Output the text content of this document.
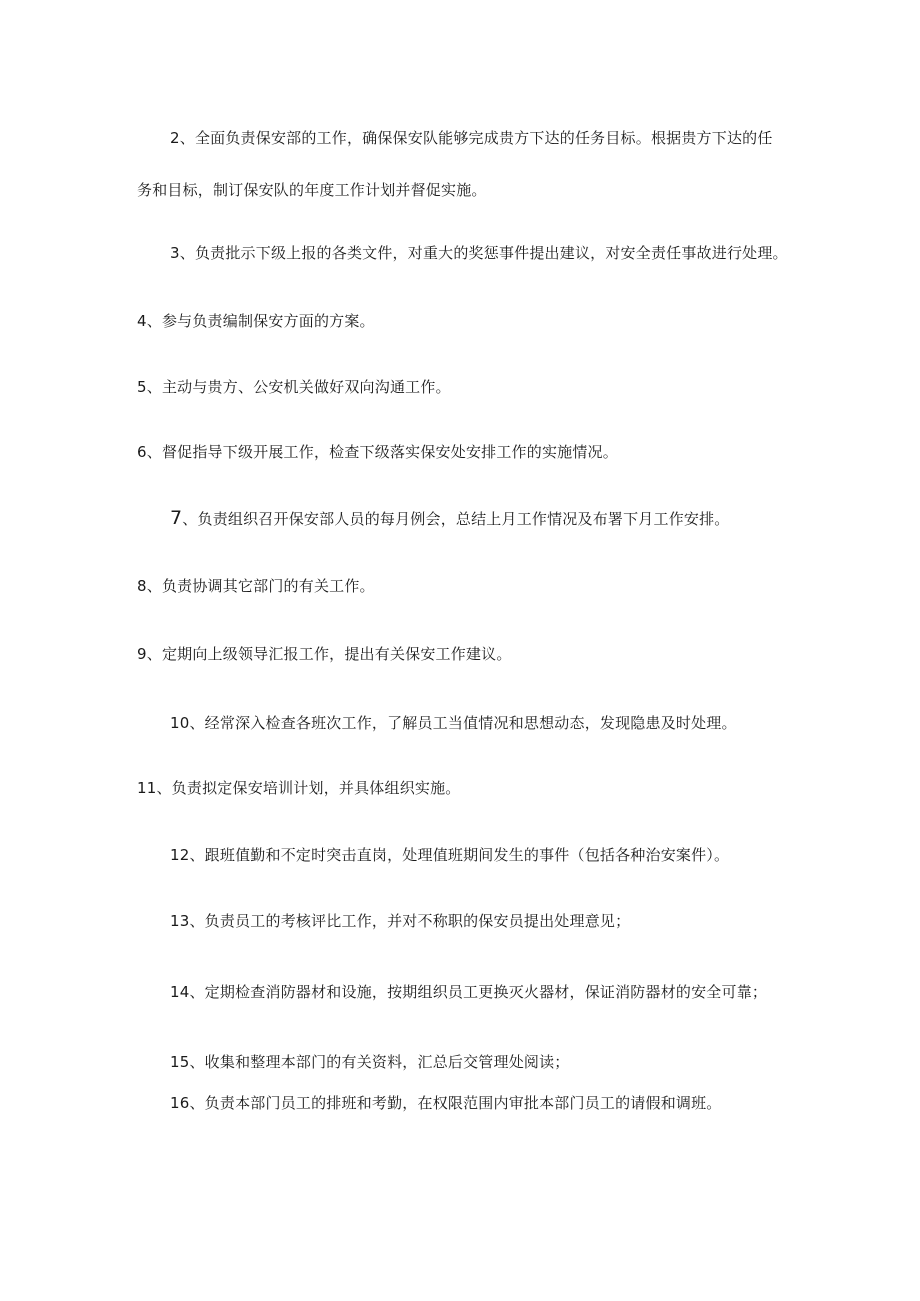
2、全面负责保安部的工作，确保保安队能够完成贵方下达的任务目标。根据贵方下达的任
务和目标，制订保安队的年度工作计划并督促实施。
3、负责批示下级上报的各类文件，对重大的奖惩事件提出建议，对安全责任事故进行处理。
4、参与负责编制保安方面的方案。
5、主动与贵方、公安机关做好双向沟通工作。
6、督促指导下级开展工作，检查下级落实保安处安排工作的实施情况。
7、负责组织召开保安部人员的每月例会，总结上月工作情况及布署下月工作安排。
8、负责协调其它部门的有关工作。
9、定期向上级领导汇报工作，提出有关保安工作建议。
10、经常深入检查各班次工作，了解员工当值情况和思想动态，发现隐患及时处理。
11、负责拟定保安培训计划，并具体组织实施。
12、跟班值勤和不定时突击直岗，处理值班期间发生的事件（包括各种治安案件）。
13、负责员工的考核评比工作，并对不称职的保安员提出处理意见；
14、定期检查消防器材和设施，按期组织员工更换灭火器材，保证消防器材的安全可靠；
15、收集和整理本部门的有关资料，汇总后交管理处阅读；
16、负责本部门员工的排班和考勤，在权限范围内审批本部门员工的请假和调班。
